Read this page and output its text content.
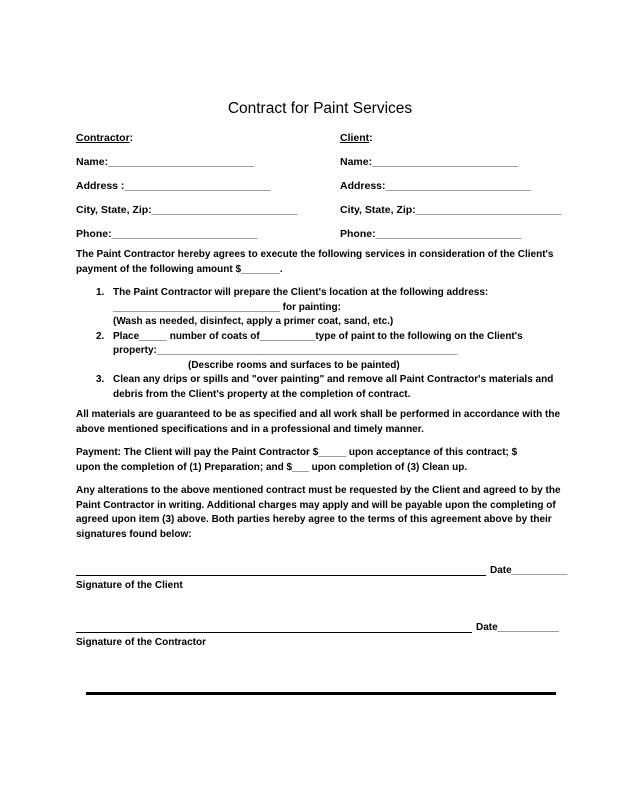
Contract for Paint Services
Contractor:
Name:_________________________
Address :_________________________
City, State, Zip:_________________________
Phone:_________________________
Client:
Name:_________________________
Address:_________________________
City, State, Zip:_________________________
Phone:_________________________
The Paint Contractor hereby agrees to execute the following services in consideration of the Client's
payment of the following amount $_______.
1. The Paint Contractor will prepare the Client's location at the following address:
______________________________ for painting:
(Wash as needed, disinfect, apply a primer coat, sand, etc.)
2. Place_____ number of coats of__________type of paint to the following on the Client's
property:______________________________________________________
(Describe rooms and surfaces to be painted)
3. Clean any drips or spills and "over painting" and remove all Paint Contractor's materials and
debris from the Client's property at the completion of contract.
All materials are guaranteed to be as specified and all work shall be performed in accordance with the
above mentioned specifications and in a professional and timely manner.
Payment: The Client will pay the Paint Contractor $_____ upon acceptance of this contract; $
upon the completion of (1) Preparation; and $___ upon completion of (3) Clean up.
Any alterations to the above mentioned contract must be requested by the Client and agreed to by the
Paint Contractor in writing. Additional charges may apply and will be payable upon the completing of
agreed upon item (3) above. Both parties hereby agree to the terms of this agreement above by their
signatures found below:
Date__________
Signature of the Client
Date___________
Signature of the Contractor
